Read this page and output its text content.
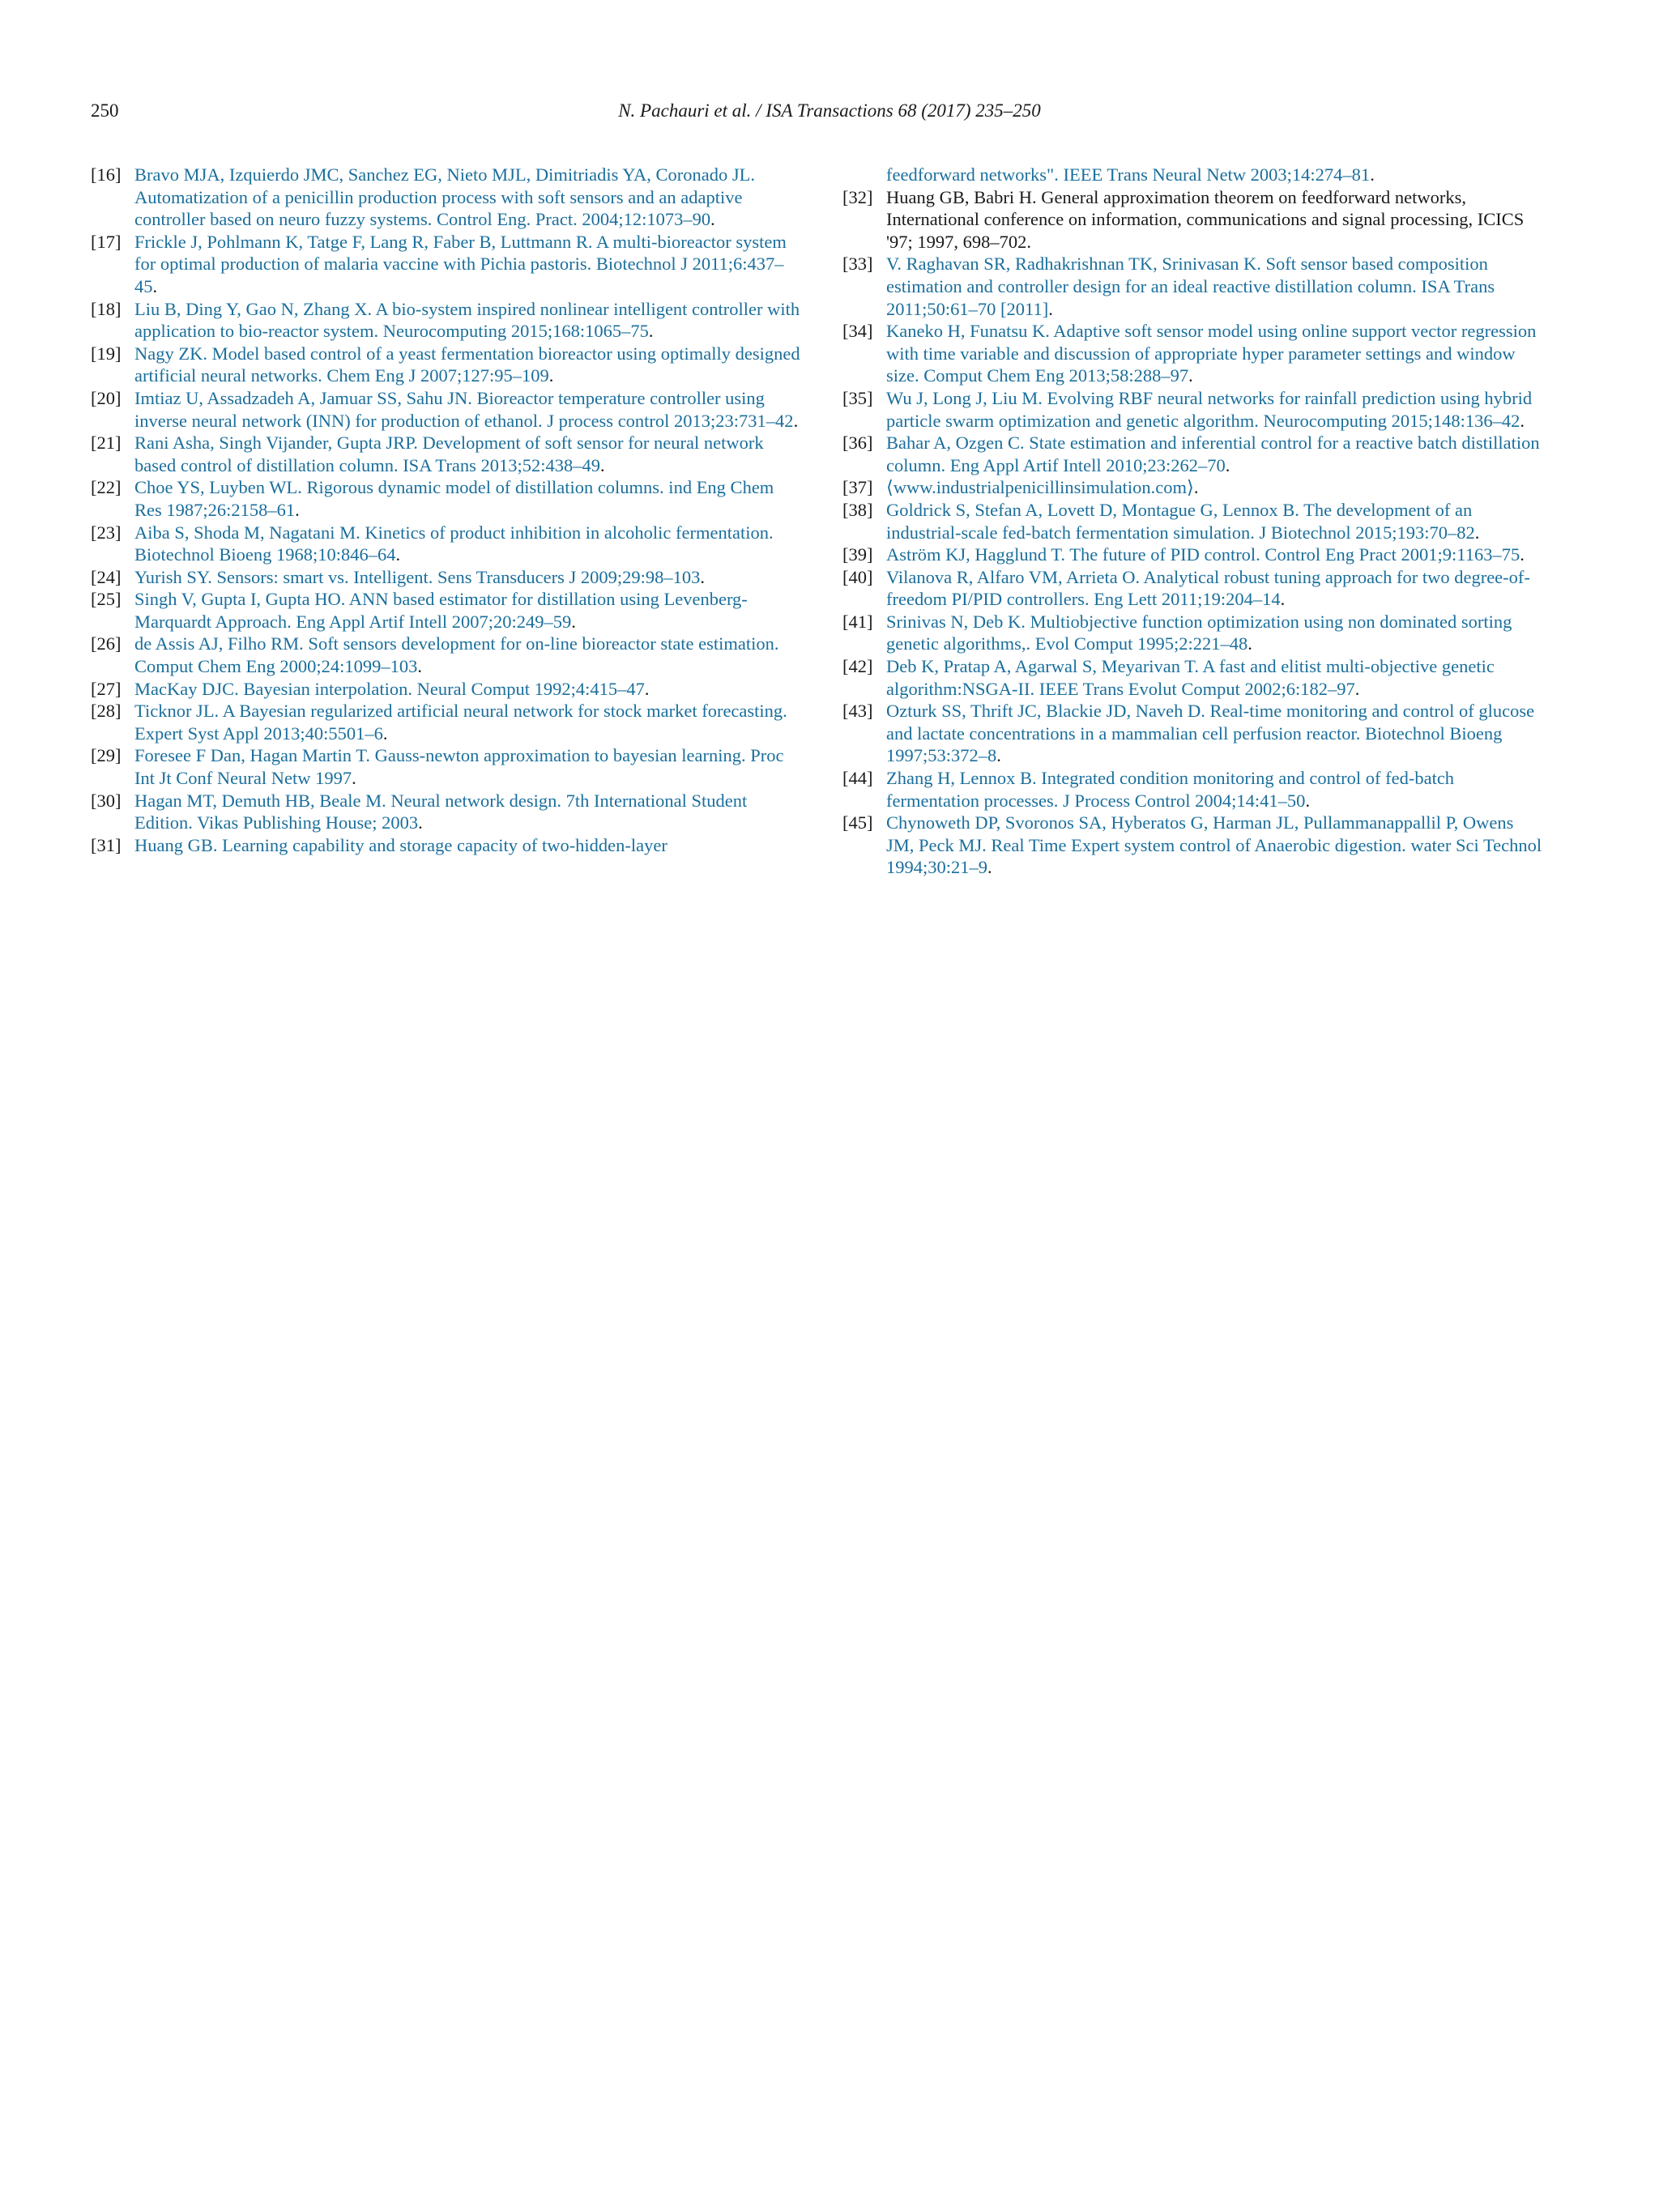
250	N. Pachauri et al. / ISA Transactions 68 (2017) 235–250

[16] Bravo MJA, Izquierdo JMC, Sanchez EG, Nieto MJL, Dimitriadis YA, Coronado JL. Automatization of a penicillin production process with soft sensors and an adaptive controller based on neuro fuzzy systems. Control Eng. Pract. 2004;12:1073–90.

[17] Frickle J, Pohlmann K, Tatge F, Lang R, Faber B, Luttmann R. A multi-bioreactor system for optimal production of malaria vaccine with Pichia pastoris. Biotechnol J 2011;6:437–45.

[18] Liu B, Ding Y, Gao N, Zhang X. A bio-system inspired nonlinear intelligent controller with application to bio-reactor system. Neurocomputing 2015;168:1065–75.

[19] Nagy ZK. Model based control of a yeast fermentation bioreactor using optimally designed artificial neural networks. Chem Eng J 2007;127:95–109.

[20] Imtiaz U, Assadzadeh A, Jamuar SS, Sahu JN. Bioreactor temperature controller using inverse neural network (INN) for production of ethanol. J process control 2013;23:731–42.

[21] Rani Asha, Singh Vijander, Gupta JRP. Development of soft sensor for neural network based control of distillation column. ISA Trans 2013;52:438–49.

[22] Choe YS, Luyben WL. Rigorous dynamic model of distillation columns. ind Eng Chem Res 1987;26:2158–61.

[23] Aiba S, Shoda M, Nagatani M. Kinetics of product inhibition in alcoholic fermentation. Biotechnol Bioeng 1968;10:846–64.

[24] Yurish SY. Sensors: smart vs. Intelligent. Sens Transducers J 2009;29:98–103.

[25] Singh V, Gupta I, Gupta HO. ANN based estimator for distillation using Levenberg-Marquardt Approach. Eng Appl Artif Intell 2007;20:249–59.

[26] de Assis AJ, Filho RM. Soft sensors development for on-line bioreactor state estimation. Comput Chem Eng 2000;24:1099–103.

[27] MacKay DJC. Bayesian interpolation. Neural Comput 1992;4:415–47.

[28] Ticknor JL. A Bayesian regularized artificial neural network for stock market forecasting. Expert Syst Appl 2013;40:5501–6.

[29] Foresee F Dan, Hagan Martin T. Gauss-newton approximation to bayesian learning. Proc Int Jt Conf Neural Netw 1997.

[30] Hagan MT, Demuth HB, Beale M. Neural network design. 7th International Student Edition. Vikas Publishing House; 2003.

[31] Huang GB. Learning capability and storage capacity of two-hidden-layer

feedforward networks". IEEE Trans Neural Netw 2003;14:274–81.

[32] Huang GB, Babri H. General approximation theorem on feedforward networks, International conference on information, communications and signal processing, ICICS '97; 1997, 698–702.

[33] V. Raghavan SR, Radhakrishnan TK, Srinivasan K. Soft sensor based composition estimation and controller design for an ideal reactive distillation column. ISA Trans 2011;50:61–70 [2011].

[34] Kaneko H, Funatsu K. Adaptive soft sensor model using online support vector regression with time variable and discussion of appropriate hyper parameter settings and window size. Comput Chem Eng 2013;58:288–97.

[35] Wu J, Long J, Liu M. Evolving RBF neural networks for rainfall prediction using hybrid particle swarm optimization and genetic algorithm. Neurocomputing 2015;148:136–42.

[36] Bahar A, Ozgen C. State estimation and inferential control for a reactive batch distillation column. Eng Appl Artif Intell 2010;23:262–70.

[37] ⟨www.industrialpenicillinsimulation.com⟩.

[38] Goldrick S, Stefan A, Lovett D, Montague G, Lennox B. The development of an industrial-scale fed-batch fermentation simulation. J Biotechnol 2015;193:70–82.

[39] Aström KJ, Hagglund T. The future of PID control. Control Eng Pract 2001;9:1163–75.

[40] Vilanova R, Alfaro VM, Arrieta O. Analytical robust tuning approach for two degree-of-freedom PI/PID controllers. Eng Lett 2011;19:204–14.

[41] Srinivas N, Deb K. Multiobjective function optimization using non dominated sorting genetic algorithms,. Evol Comput 1995;2:221–48.

[42] Deb K, Pratap A, Agarwal S, Meyarivan T. A fast and elitist multi-objective genetic algorithm:NSGA-II. IEEE Trans Evolut Comput 2002;6:182–97.

[43] Ozturk SS, Thrift JC, Blackie JD, Naveh D. Real-time monitoring and control of glucose and lactate concentrations in a mammalian cell perfusion reactor. Biotechnol Bioeng 1997;53:372–8.

[44] Zhang H, Lennox B. Integrated condition monitoring and control of fed-batch fermentation processes. J Process Control 2004;14:41–50.

[45] Chynoweth DP, Svoronos SA, Hyberatos G, Harman JL, Pullammanappallil P, Owens JM, Peck MJ. Real Time Expert system control of Anaerobic digestion. water Sci Technol 1994;30:21–9.
